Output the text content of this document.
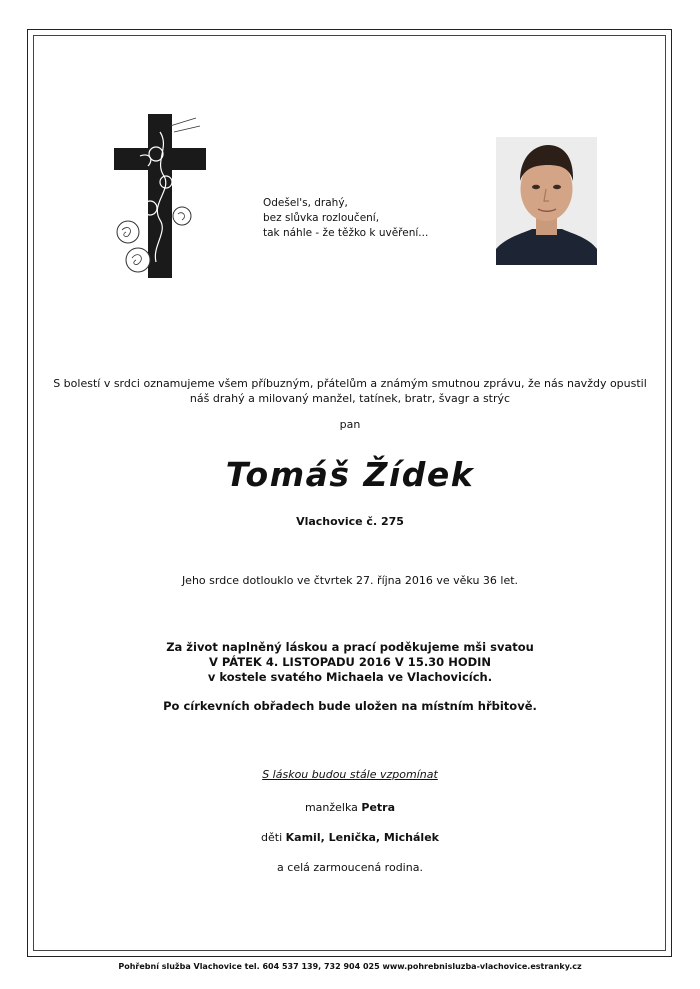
Odešel's, drahý,
bez slůvka rozloučení,
tak náhle - že těžko k uvěření...
S bolestí v srdci oznamujeme všem příbuzným, přátelům a známým smutnou zprávu, že nás navždy opustil
náš drahý a milovaný manžel, tatínek, bratr, švagr a strýc
pan
Tomáš Žídek
Vlachovice č. 275
Jeho srdce dotlouklo ve čtvrtek 27. října 2016 ve věku 36 let.
Za život naplněný láskou a prací poděkujeme mši svatou
V PÁTEK 4. LISTOPADU 2016 V 15.30 HODIN
v kostele svatého Michaela ve Vlachovicích.
Po církevních obřadech bude uložen na místním hřbitově.
S láskou budou stále vzpomínat
manželka Petra
děti Kamil, Lenička, Michálek
a celá zarmoucená rodina.
Pohřební služba Vlachovice tel. 604 537 139, 732 904 025 www.pohrebnisluzba-vlachovice.estranky.cz
